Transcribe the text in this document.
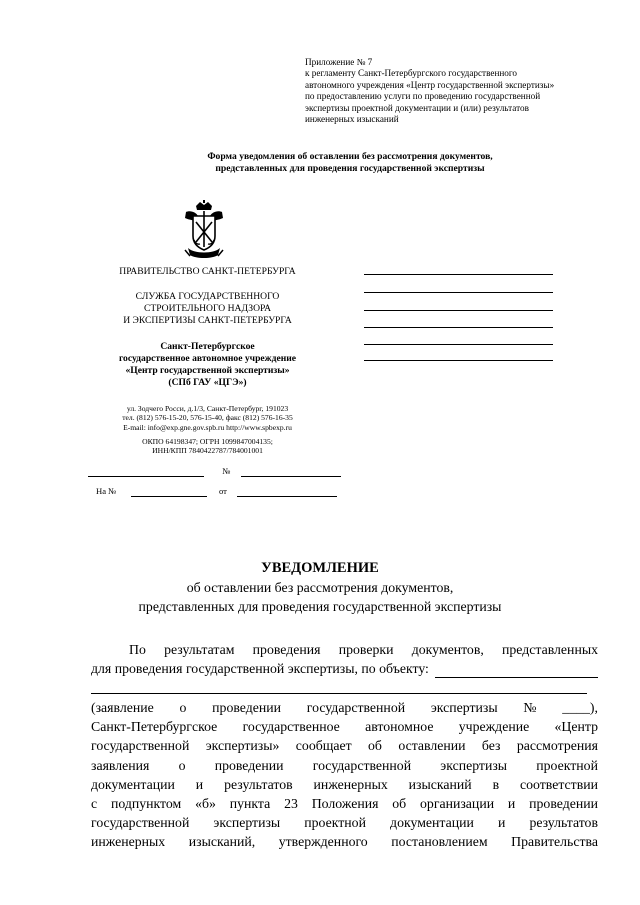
Приложение № 7
к регламенту Санкт-Петербургского государственного
автономного учреждения «Центр государственной экспертизы»
по предоставлению услуги по проведению государственной
экспертизы проектной документации и (или) результатов
инженерных изысканий
Форма уведомления об оставлении без рассмотрения документов,
представленных для проведения государственной экспертизы
ПРАВИТЕЛЬСТВО САНКТ-ПЕТЕРБУРГА
СЛУЖБА ГОСУДАРСТВЕННОГО
СТРОИТЕЛЬНОГО НАДЗОРА
И ЭКСПЕРТИЗЫ САНКТ-ПЕТЕРБУРГА
Санкт-Петербургское
государственное автономное учреждение
«Центр государственной экспертизы»
(СПб ГАУ «ЦГЭ»)
ул. Зодчего Росси, д.1/3, Санкт-Петербург, 191023
тел. (812) 576-15-20, 576-15-40, факс (812) 576-16-35
E-mail: info@exp.gne.gov.spb.ru http://www.spbexp.ru
ОКПО 64198347; ОГРН 1099847004135;
ИНН/КПП 7840422787/784001001
№
На №	от
УВЕДОМЛЕНИЕ
об оставлении без рассмотрения документов,
представленных для проведения государственной экспертизы
По результатам проведения проверки документов, представленных
для проведения государственной экспертизы, по объекту:
(заявление о проведении государственной экспертизы № ____),
Санкт-Петербургское государственное автономное учреждение «Центр
государственной экспертизы» сообщает об оставлении без рассмотрения
заявления о проведении государственной экспертизы проектной
документации и результатов инженерных изысканий в соответствии
с подпунктом «б» пункта 23 Положения об организации и проведении
государственной экспертизы проектной документации и результатов
инженерных изысканий, утвержденного постановлением Правительства
